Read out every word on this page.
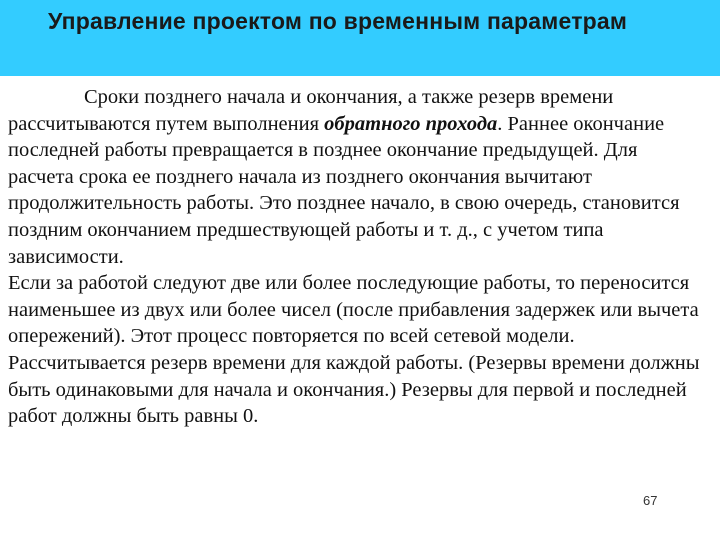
Управление проектом по временным параметрам

Сроки позднего начала и окончания, а также резерв времени рассчитываются путем выполнения обратного прохода. Раннее окончание последней работы превращается в позднее окончание предыдущей. Для расчета срока ее позднего начала из позднего окончания вычитают продолжительность работы. Это позднее начало, в свою очередь, становится поздним окончанием предшествующей работы и т. д., с учетом типа зависимости.

Если за работой следуют две или более последующие работы, то переносится наименьшее из двух или более чисел (после прибавления задержек или вычета опережений). Этот процесс повторяется по всей сетевой модели. Рассчитывается резерв времени для каждой работы. (Резервы времени должны быть одинаковыми для начала и окончания.) Резервы для первой и последней работ должны быть равны 0.

67
